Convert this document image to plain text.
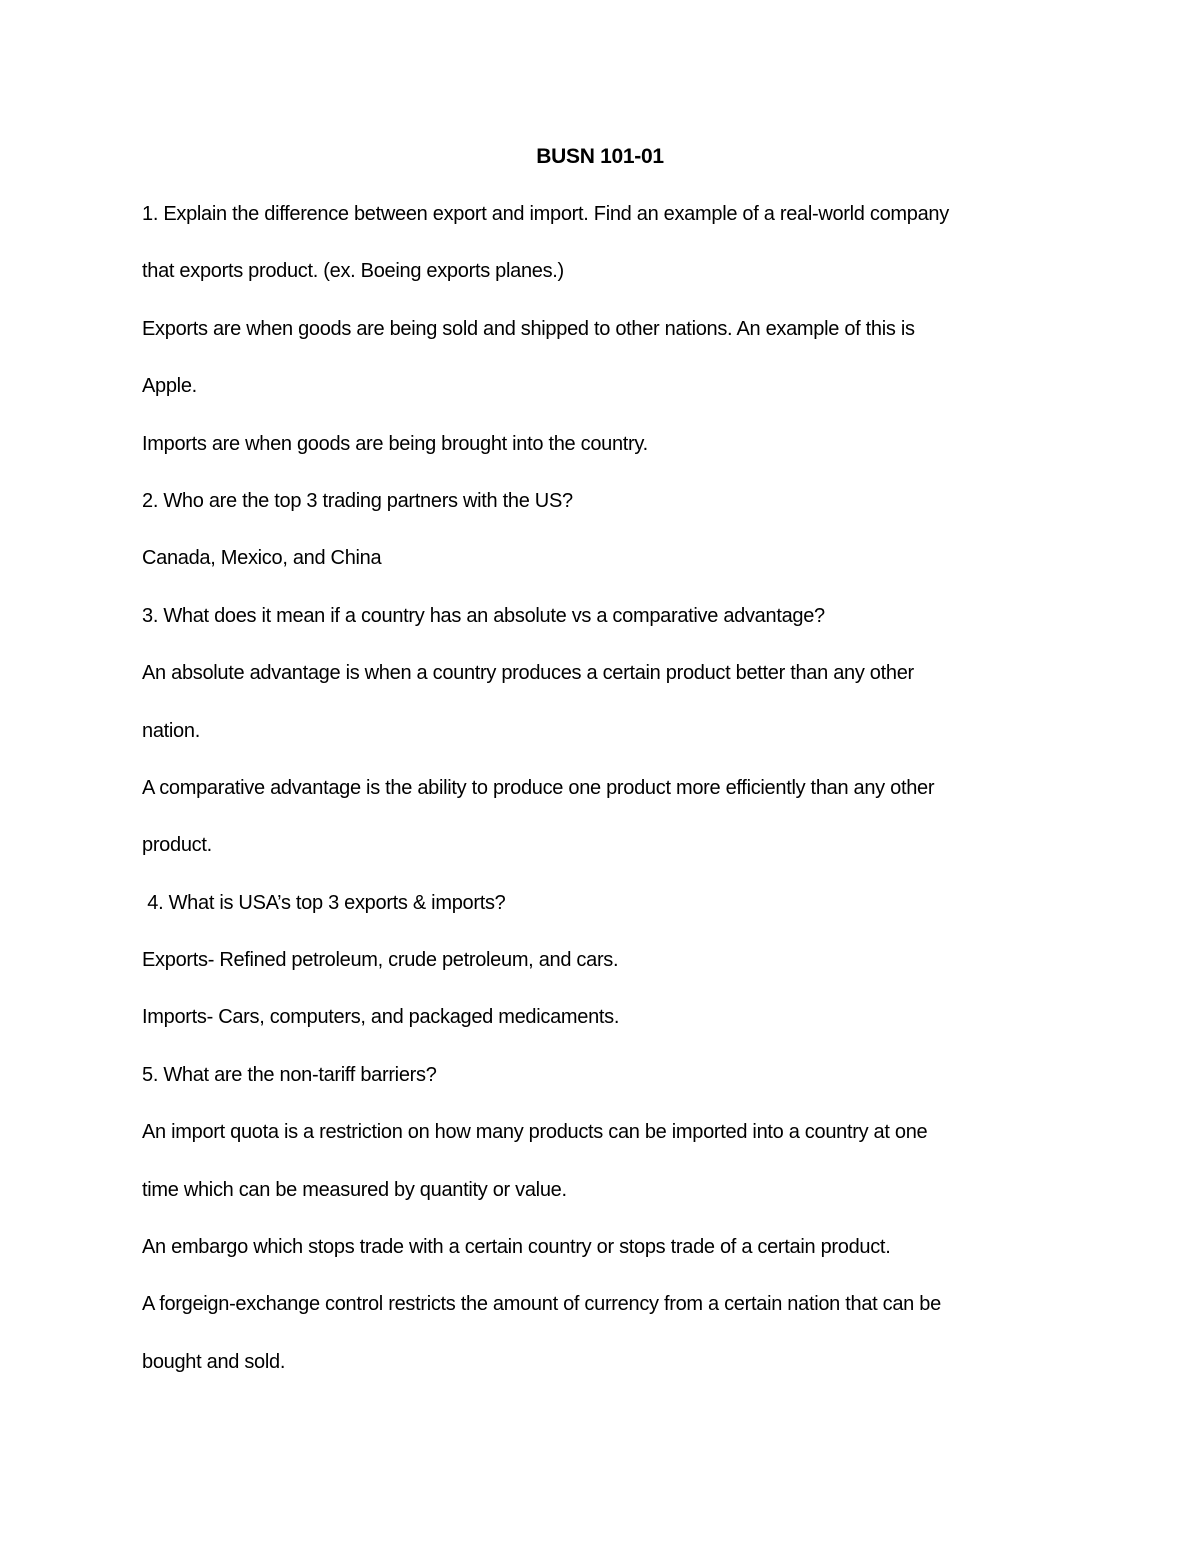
BUSN 101-01
1. Explain the difference between export and import. Find an example of a real-world company
that exports product. (ex. Boeing exports planes.)
Exports are when goods are being sold and shipped to other nations. An example of this is
Apple.
Imports are when goods are being brought into the country.
2. Who are the top 3 trading partners with the US?
Canada, Mexico, and China
3. What does it mean if a country has an absolute vs a comparative advantage?
An absolute advantage is when a country produces a certain product better than any other
nation.
A comparative advantage is the ability to produce one product more efficiently than any other
product.
4. What is USA’s top 3 exports & imports?
Exports- Refined petroleum, crude petroleum, and cars.
Imports- Cars, computers, and packaged medicaments.
5. What are the non-tariff barriers?
An import quota is a restriction on how many products can be imported into a country at one
time which can be measured by quantity or value.
An embargo which stops trade with a certain country or stops trade of a certain product.
A forgeign-exchange control restricts the amount of currency from a certain nation that can be
bought and sold.
